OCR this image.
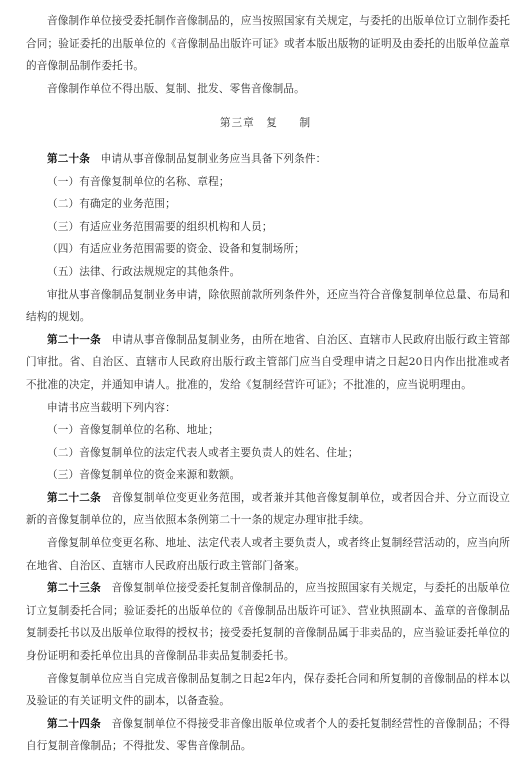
音像制作单位接受委托制作音像制品的，应当按照国家有关规定，与委托的出版单位订立制作委托合同；验证委托的出版单位的《音像制品出版许可证》或者本版出版物的证明及由委托的出版单位盖章的音像制品制作委托书。

音像制作单位不得出版、复制、批发、零售音像制品。

第三章　 复　制

第二十条　 申请从事音像制品复制业务应当具备下列条件：

（一）有音像复制单位的名称、章程；

（二）有确定的业务范围；

（三）有适应业务范围需要的组织机构和人员；

（四）有适应业务范围需要的资金、设备和复制场所；

（五）法律、行政法规规定的其他条件。

审批从事音像制品复制业务申请，除依照前款所列条件外，还应当符合音像复制单位总量、布局和结构的规划。

第二十一条　 申请从事音像制品复制业务，由所在地省、自治区、直辖市人民政府出版行政主管部门审批。省、自治区、直辖市人民政府出版行政主管部门应当自受理申请之日起20日内作出批准或者不批准的决定，并通知申请人。批准的，发给《复制经营许可证》；不批准的，应当说明理由。

申请书应当载明下列内容：

（一）音像复制单位的名称、地址；

（二）音像复制单位的法定代表人或者主要负责人的姓名、住址；

（三）音像复制单位的资金来源和数额。

第二十二条　 音像复制单位变更业务范围，或者兼并其他音像复制单位，或者因合并、分立而设立新的音像复制单位的，应当依照本条例第二十一条的规定办理审批手续。

音像复制单位变更名称、地址、法定代表人或者主要负责人，或者终止复制经营活动的，应当向所在地省、自治区、直辖市人民政府出版行政主管部门备案。

第二十三条　 音像复制单位接受委托复制音像制品的，应当按照国家有关规定，与委托的出版单位订立复制委托合同；验证委托的出版单位的《音像制品出版许可证》、营业执照副本、盖章的音像制品复制委托书以及出版单位取得的授权书；接受委托复制的音像制品属于非卖品的，应当验证委托单位的身份证明和委托单位出具的音像制品非卖品复制委托书。

音像复制单位应当自完成音像制品复制之日起2年内，保存委托合同和所复制的音像制品的样本以及验证的有关证明文件的副本，以备查验。

第二十四条　 音像复制单位不得接受非音像出版单位或者个人的委托复制经营性的音像制品；不得自行复制音像制品；不得批发、零售音像制品。
